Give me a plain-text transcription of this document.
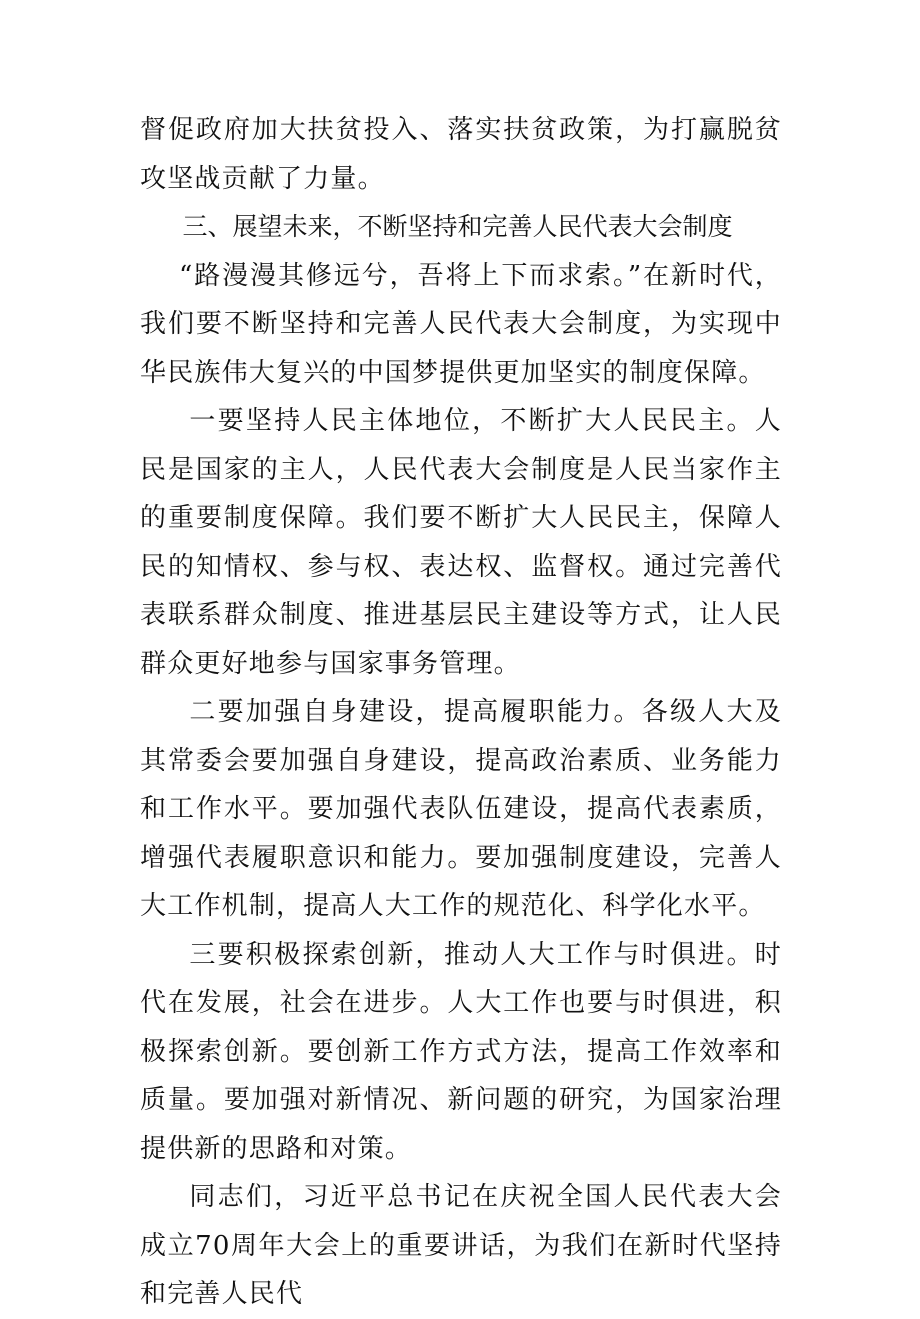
督促政府加大扶贫投入、落实扶贫政策，为打赢脱贫攻坚战贡献了力量。

三、展望未来，不断坚持和完善人民代表大会制度

“路漫漫其修远兮，吾将上下而求索。”在新时代，我们要不断坚持和完善人民代表大会制度，为实现中华民族伟大复兴的中国梦提供更加坚实的制度保障。

一要坚持人民主体地位，不断扩大人民民主。人民是国家的主人，人民代表大会制度是人民当家作主的重要制度保障。我们要不断扩大人民民主，保障人民的知情权、参与权、表达权、监督权。通过完善代表联系群众制度、推进基层民主建设等方式，让人民群众更好地参与国家事务管理。

二要加强自身建设，提高履职能力。各级人大及其常委会要加强自身建设，提高政治素质、业务能力和工作水平。要加强代表队伍建设，提高代表素质，增强代表履职意识和能力。要加强制度建设，完善人大工作机制，提高人大工作的规范化、科学化水平。

三要积极探索创新，推动人大工作与时俱进。时代在发展，社会在进步。人大工作也要与时俱进，积极探索创新。要创新工作方式方法，提高工作效率和质量。要加强对新情况、新问题的研究，为国家治理提供新的思路和对策。

同志们，习近平总书记在庆祝全国人民代表大会成立70周年大会上的重要讲话，为我们在新时代坚持和完善人民代
